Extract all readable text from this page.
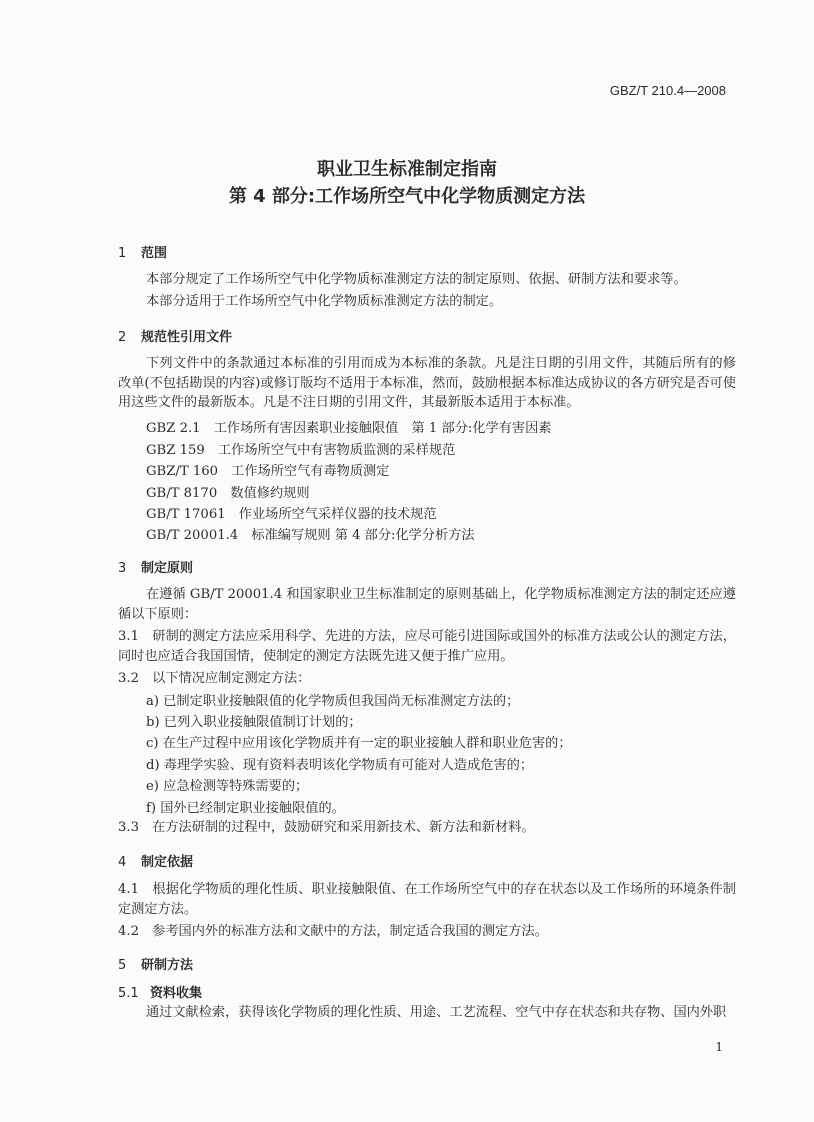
GBZ/T 210.4—2008
职业卫生标准制定指南
第 4 部分:工作场所空气中化学物质测定方法
1 范围
本部分规定了工作场所空气中化学物质标准测定方法的制定原则、依据、研制方法和要求等。
本部分适用于工作场所空气中化学物质标准测定方法的制定。
2 规范性引用文件
下列文件中的条款通过本标准的引用而成为本标准的条款。凡是注日期的引用文件，其随后所有的修改单(不包括勘误的内容)或修订版均不适用于本标准，然而，鼓励根据本标准达成协议的各方研究是否可使用这些文件的最新版本。凡是不注日期的引用文件，其最新版本适用于本标准。
GBZ 2.1　工作场所有害因素职业接触限值　第 1 部分:化学有害因素
GBZ 159　工作场所空气中有害物质监测的采样规范
GBZ/T 160　工作场所空气有毒物质测定
GB/T 8170　数值修约规则
GB/T 17061　作业场所空气采样仪器的技术规范
GB/T 20001.4　标准编写规则 第 4 部分:化学分析方法
3 制定原则
在遵循 GB/T 20001.4 和国家职业卫生标准制定的原则基础上，化学物质标准测定方法的制定还应遵循以下原则：
3.1　研制的测定方法应采用科学、先进的方法，应尽可能引进国际或国外的标准方法或公认的测定方法，同时也应适合我国国情，使制定的测定方法既先进又便于推广应用。
3.2　以下情况应制定测定方法：
a) 已制定职业接触限值的化学物质但我国尚无标准测定方法的；
b) 已列入职业接触限值制订计划的；
c) 在生产过程中应用该化学物质并有一定的职业接触人群和职业危害的；
d) 毒理学实验、现有资料表明该化学物质有可能对人造成危害的；
e) 应急检测等特殊需要的；
f) 国外已经制定职业接触限值的。
3.3　在方法研制的过程中，鼓励研究和采用新技术、新方法和新材料。
4 制定依据
4.1　根据化学物质的理化性质、职业接触限值、在工作场所空气中的存在状态以及工作场所的环境条件制定测定方法。
4.2　参考国内外的标准方法和文献中的方法，制定适合我国的测定方法。
5 研制方法
5.1 资料收集
通过文献检索，获得该化学物质的理化性质、用途、工艺流程、空气中存在状态和共存物、国内外职
1
